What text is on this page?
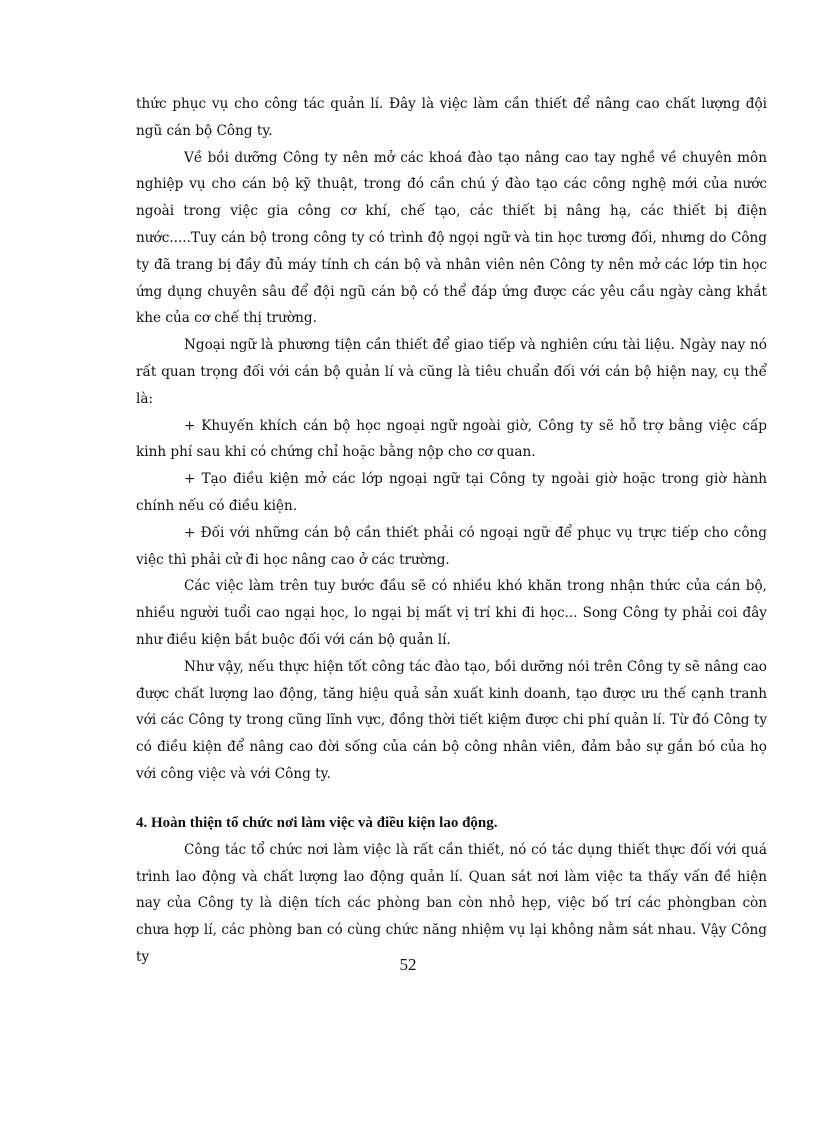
thức phục vụ cho công tác quản lí. Đây là việc làm cần thiết để nâng cao chất lượng đội ngũ cán bộ Công ty.

Về bồi dưỡng Công ty nên mở các khoá đào tạo nâng cao tay nghề về chuyên môn nghiệp vụ cho cán bộ kỹ thuật, trong đó cần chú ý đào tạo các công nghệ mới của nước ngoài trong việc gia công cơ khí, chế tạo, các thiết bị nâng hạ, các thiết bị điện nước.....Tuy cán bộ trong công ty có trình độ ngọi ngữ và tin học tương đối, nhưng do Công ty đã trang bị đầy đủ máy tính ch cán bộ và nhân viên nên Công ty nên mở các lớp tin học ứng dụng chuyên sâu để đội ngũ cán bộ có thể đáp ứng được các yêu cầu ngày càng khắt khe của cơ chế thị trường.

Ngoại ngữ là phương tiện cần thiết để giao tiếp và nghiên cứu tài liệu. Ngày nay nó rất quan trọng đối với cán bộ quản lí và cũng là tiêu chuẩn đối với cán bộ hiện nay, cụ thể là:

+ Khuyến khích cán bộ học ngoại ngữ ngoài giờ, Công ty sẽ hỗ trợ bằng việc cấp kinh phí sau khi có chứng chỉ hoặc bằng nộp cho cơ quan.

+ Tạo điều kiện mở các lớp ngoại ngữ tại Công ty ngoài giờ hoặc trong giờ hành chính nếu có điều kiện.

+ Đối với những cán bộ cần thiết phải có ngoại ngữ để phục vụ trực tiếp cho công việc thì phải cử đi học nâng cao ở các trường.

Các việc làm trên tuy bước đầu sẽ có nhiều khó khăn trong nhận thức của cán bộ, nhiều người tuổi cao ngại học, lo ngại bị mất vị trí khi đi học... Song Công ty phải coi đây như điều kiện bắt buộc đối với cán bộ quản lí.

Như vậy, nếu thực hiện tốt công tác đào tạo, bồi dưỡng nói trên Công ty sẽ nâng cao được chất lượng lao động, tăng hiệu quả sản xuất kinh doanh, tạo được ưu thế cạnh tranh với các Công ty trong cũng lĩnh vực, đồng thời tiết kiệm được chi phí quản lí. Từ đó Công ty có điều kiện để nâng cao đời sống của cán bộ công nhân viên, đảm bảo sự gắn bó của họ với công việc và với Công ty.

4. Hoàn thiện tổ chức nơi làm việc và điều kiện lao động.

Công tác tổ chức nơi làm việc là rất cần thiết, nó có tác dụng thiết thực đối với quá trình lao động và chất lượng lao động quản lí. Quan sát nơi làm việc ta thấy vấn đề hiện nay của Công ty là diện tích các phòng ban còn nhỏ hẹp, việc bố trí các phòngban còn chưa hợp lí, các phòng ban có cùng chức năng nhiệm vụ lại không nằm sát nhau. Vậy Công ty	52
